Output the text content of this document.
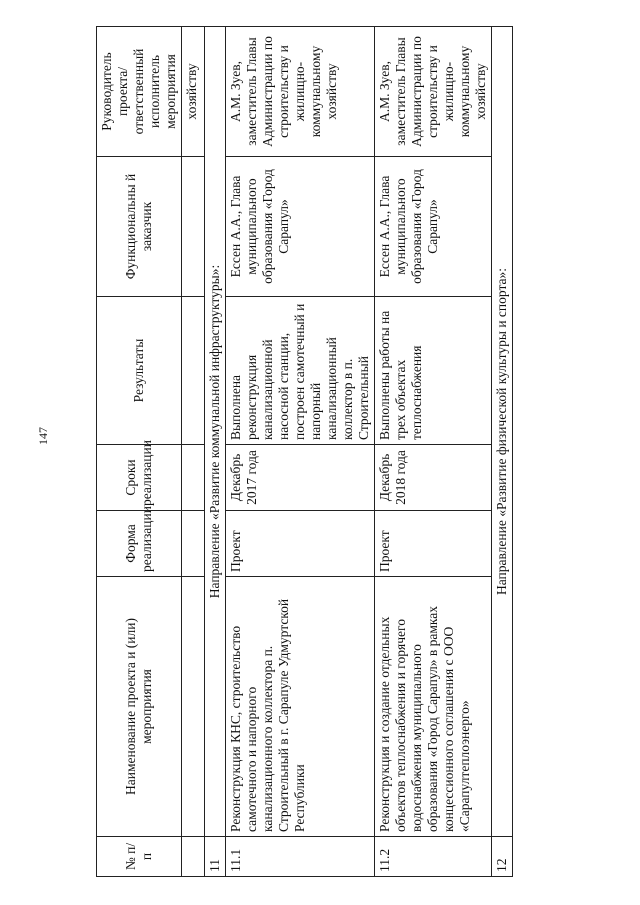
147
№ п/п	Наименование проекта и (или) мероприятия	Форма реализации	Сроки реализации	Результаты	Функциональны й заказчик	Руководитель проекта/ ответственный исполнитель мероприятия
						хозяйству
11	Направление «Развитие коммунальной инфраструктуры»:					
11.1	Реконструкция КНС, строительство самотечного и напорного канализационного коллектора п. Строительный в г. Сарапуле Удмуртской Республики	Проект	Декабрь 2017 года	Выполнена реконструкция канализационной насосной станции, построен самотечный и напорный канализационный коллектор в п. Строительный	Ессен А.А., Глава муниципального образования «Город Сарапул»	А.М. Зуев, заместитель Главы Администрации по строительству и жилищно-коммунальному хозяйству
11.2	Реконструкция и создание отдельных объектов теплоснабжения и горячего водоснабжения муниципального образования «Город Сарапул» в рамках концессионного соглашения с ООО «Сарапултеплоэнерго»	Проект	Декабрь 2018 года	Выполнены работы на трех объектах теплоснабжения	Ессен А.А., Глава муниципального образования «Город Сарапул»	А.М. Зуев, заместитель Главы Администрации по строительству и жилищно-коммунальному хозяйству
12	Направление «Развитие физической культуры и спорта»:					
